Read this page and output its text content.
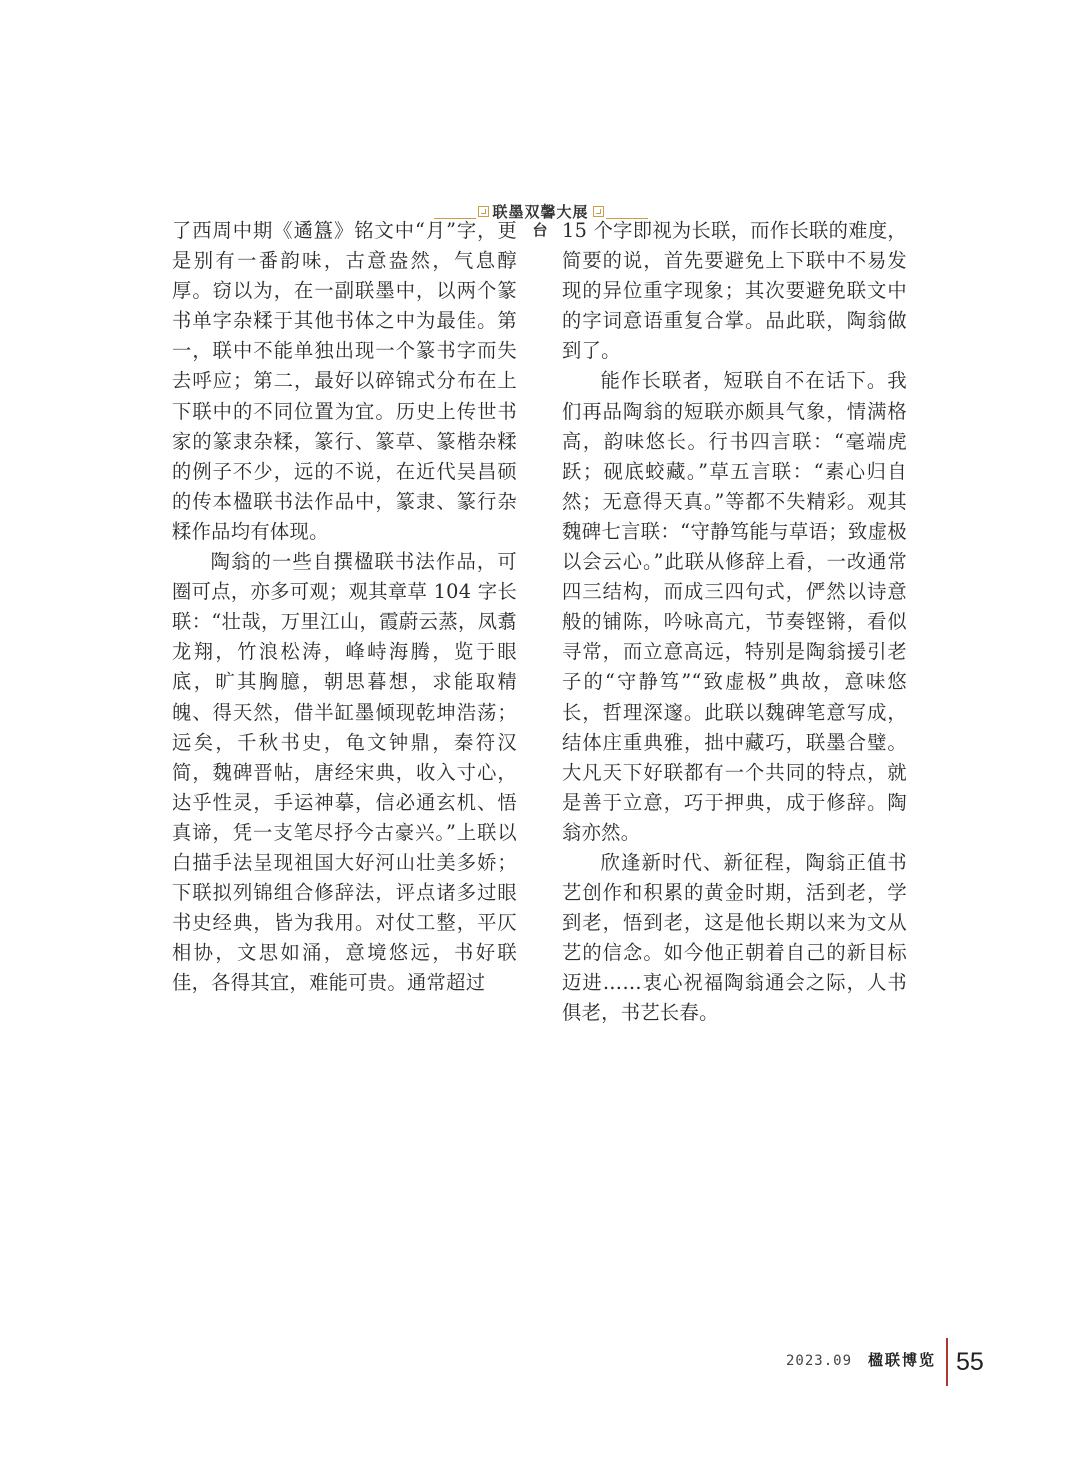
联墨双馨大展台

了西周中期《遹簋》铭文中“月”字，更是别有一番韵味，古意盎然，气息醇厚。窃以为，在一副联墨中，以两个篆书单字杂糅于其他书体之中为最佳。第一，联中不能单独出现一个篆书字而失去呼应；第二，最好以碎锦式分布在上下联中的不同位置为宜。历史上传世书家的篆隶杂糅，篆行、篆草、篆楷杂糅的例子不少，远的不说，在近代吴昌硕的传本楹联书法作品中，篆隶、篆行杂糅作品均有体现。

陶翁的一些自撰楹联书法作品，可圈可点，亦多可观；观其章草 104 字长联：“壮哉，万里江山，霞蔚云蒸，凤翥龙翔，竹浪松涛，峰峙海腾，览于眼底，旷其胸臆，朝思暮想，求能取精魄、得天然，借半缸墨倾现乾坤浩荡；远矣，千秋书史，龟文钟鼎，秦符汉简，魏碑晋帖，唐经宋典，收入寸心，达乎性灵，手运神摹，信必通玄机、悟真谛，凭一支笔尽抒今古豪兴。”上联以白描手法呈现祖国大好河山壮美多娇；下联拟列锦组合修辞法，评点诸多过眼书史经典，皆为我用。对仗工整，平仄相协，文思如涌，意境悠远，书好联佳，各得其宜，难能可贵。通常超过

15 个字即视为长联，而作长联的难度，简要的说，首先要避免上下联中不易发现的异位重字现象；其次要避免联文中的字词意语重复合掌。品此联，陶翁做到了。

能作长联者，短联自不在话下。我们再品陶翁的短联亦颇具气象，情满格高，韵味悠长。行书四言联：“毫端虎跃；砚底蛟藏。”草五言联：“素心归自然；无意得天真。”等都不失精彩。观其魏碑七言联：“守静笃能与草语；致虚极以会云心。”此联从修辞上看，一改通常四三结构，而成三四句式，俨然以诗意般的铺陈，吟咏高亢，节奏铿锵，看似寻常，而立意高远，特别是陶翁援引老子的“守静笃”“致虚极”典故，意味悠长，哲理深邃。此联以魏碑笔意写成，结体庄重典雅，拙中藏巧，联墨合璧。大凡天下好联都有一个共同的特点，就是善于立意，巧于押典，成于修辞。陶翁亦然。

欣逢新时代、新征程，陶翁正值书艺创作和积累的黄金时期，活到老，学到老，悟到老，这是他长期以来为文从艺的信念。如今他正朝着自己的新目标迈进……衷心祝福陶翁通会之际，人书俱老，书艺长春。

2023.09 楹联博览 55
